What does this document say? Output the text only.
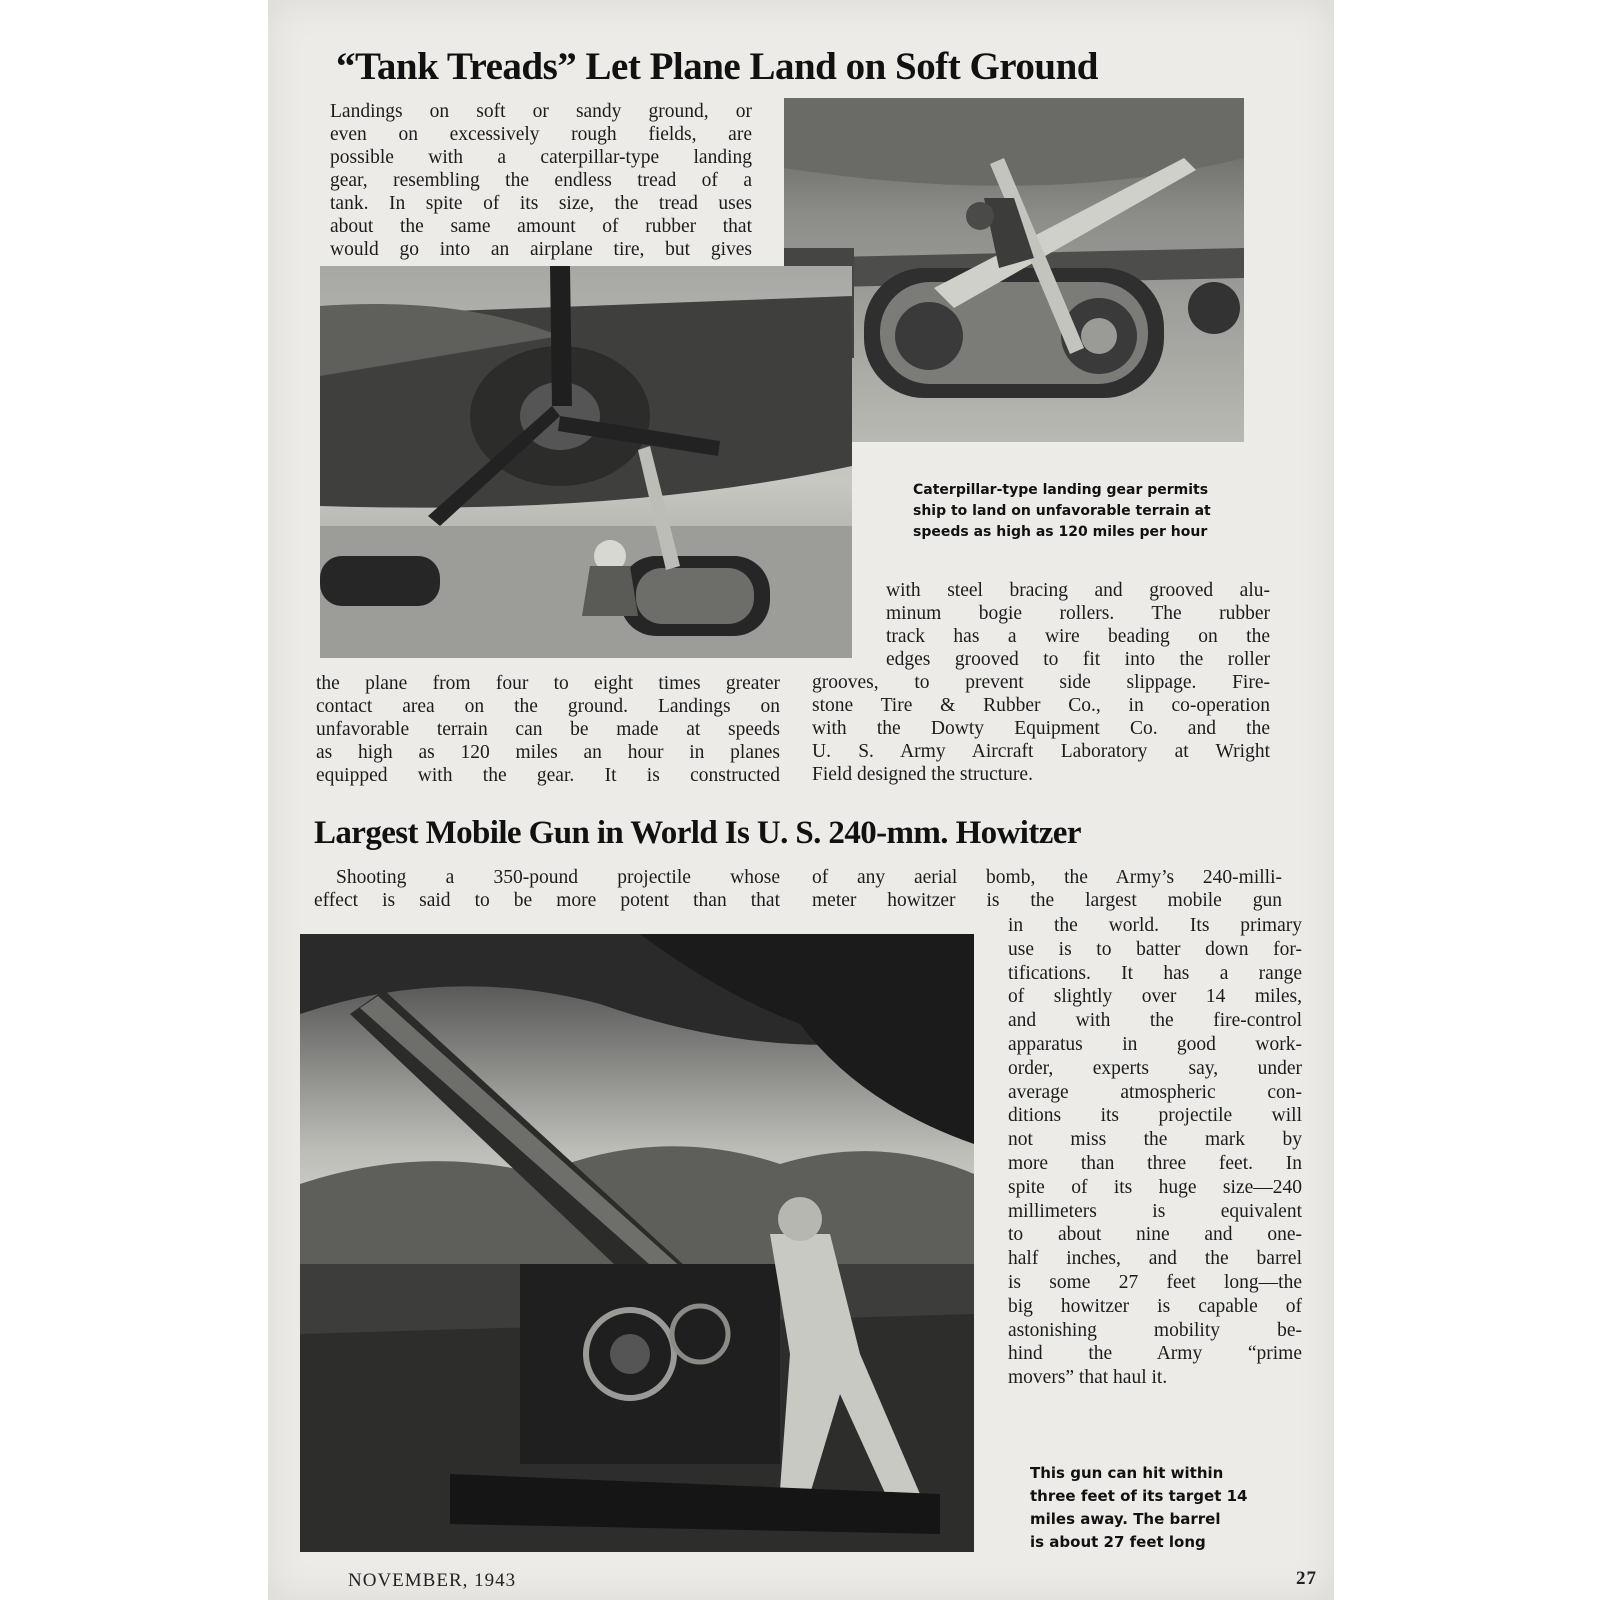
“Tank Treads” Let Plane Land on Soft Ground
Landings on soft or sandy ground, or
even on excessively rough fields, are
possible with a caterpillar-type landing
gear, resembling the endless tread of a
tank. In spite of its size, the tread uses
about the same amount of rubber that
would go into an airplane tire, but gives
Caterpillar-type landing gear permits
ship to land on unfavorable terrain at
speeds as high as 120 miles per hour
with steel bracing and grooved alu-
minum bogie rollers. The rubber
track has a wire beading on the
edges grooved to fit into the roller
grooves, to prevent side slippage. Fire-
stone Tire & Rubber Co., in co-operation
with the Dowty Equipment Co. and the
U. S. Army Aircraft Laboratory at Wright
Field designed the structure.
the plane from four to eight times greater
contact area on the ground. Landings on
unfavorable terrain can be made at speeds
as high as 120 miles an hour in planes
equipped with the gear. It is constructed
Largest Mobile Gun in World Is U. S. 240-mm. Howitzer
Shooting a 350-pound projectile whose
effect is said to be more potent than that
of any aerial bomb, the Army’s 240-milli-
meter howitzer is the largest mobile gun
in the world. Its primary
use is to batter down for-
tifications. It has a range
of slightly over 14 miles,
and with the fire-control
apparatus in good work-
order, experts say, under
average atmospheric con-
ditions its projectile will
not miss the mark by
more than three feet. In
spite of its huge size—240
millimeters is equivalent
to about nine and one-
half inches, and the barrel
is some 27 feet long—the
big howitzer is capable of
astonishing mobility be-
hind the Army “prime
movers” that haul it.
This gun can hit within
three feet of its target 14
miles away. The barrel
is about 27 feet long
NOVEMBER, 1943	27
